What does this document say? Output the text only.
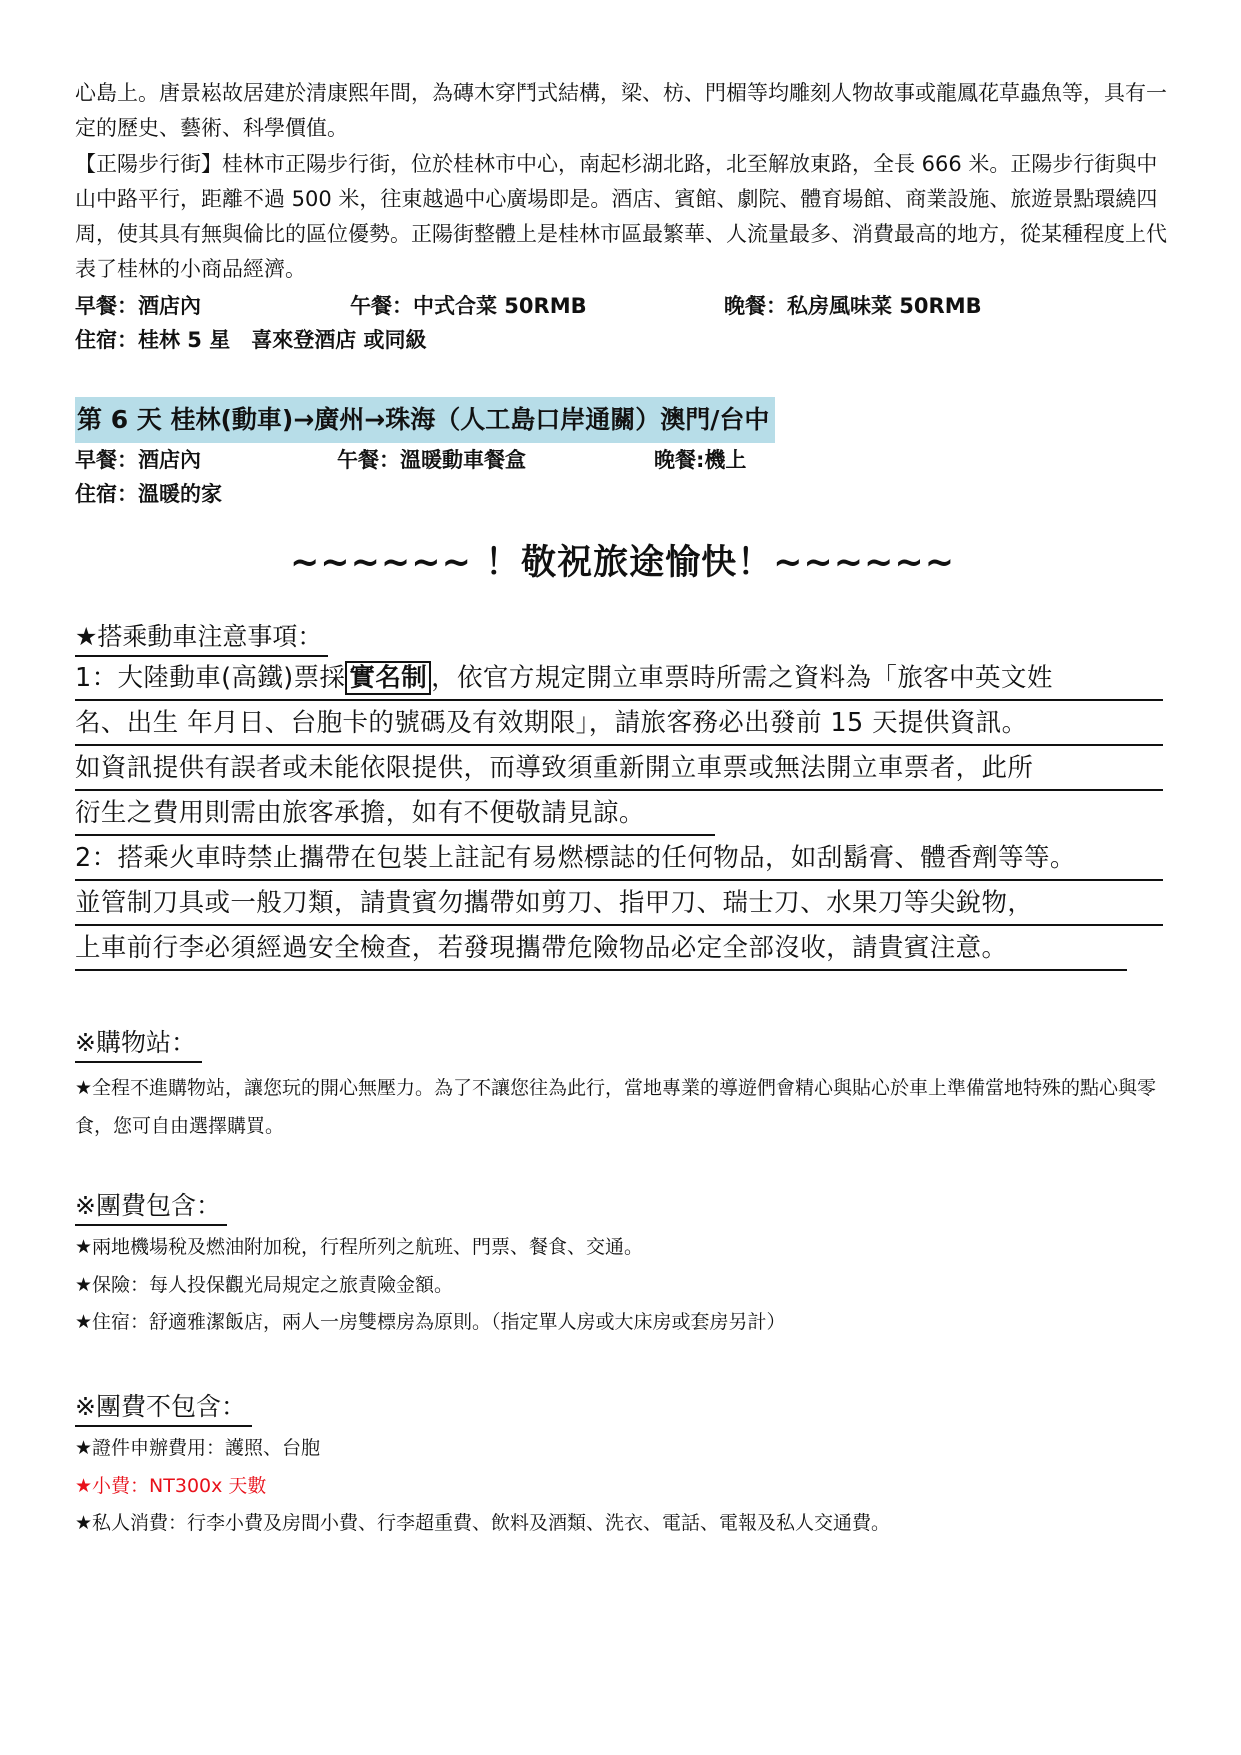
心島上。唐景崧故居建於清康熙年間，為磚木穿鬥式結構，梁、枋、門楣等均雕刻人物故事或龍鳳花草蟲魚等，具有一定的歷史、藝術、科學價值。

【正陽步行街】桂林市正陽步行街，位於桂林市中心，南起杉湖北路，北至解放東路，全長 666 米。正陽步行街與中山中路平行，距離不過 500 米，往東越過中心廣場即是。酒店、賓館、劇院、體育場館、商業設施、旅遊景點環繞四周，使其具有無與倫比的區位優勢。正陽街整體上是桂林市區最繁華、人流量最多、消費最高的地方，從某種程度上代表了桂林的小商品經濟。

早餐：酒店內	午餐：中式合菜 50RMB	晚餐：私房風味菜 50RMB
住宿：桂林 5 星　喜來登酒店 或同級
第 6 天 桂林(動車)→廣州→珠海（人工島口岸通關）澳門/台中
早餐：酒店內	午餐：溫暖動車餐盒	晚餐:機上
住宿：溫暖的家
~~~~~~ ！敬祝旅途愉快！~~~~~~
★搭乘動車注意事項：
1：大陸動車(高鐵)票採 實名制 ，依官方規定開立車票時所需之資料為「旅客中英文姓
名、出生 年月日、台胞卡的號碼及有效期限」，請旅客務必出發前 15 天提供資訊。
如資訊提供有誤者或未能依限提供，而導致須重新開立車票或無法開立車票者，此所
衍生之費用則需由旅客承擔，如有不便敬請見諒。
2：搭乘火車時禁止攜帶在包裝上註記有易燃標誌的任何物品，如刮鬍膏、體香劑等等。
並管制刀具或一般刀類，請貴賓勿攜帶如剪刀、指甲刀、瑞士刀、水果刀等尖銳物，
上車前行李必須經過安全檢查，若發現攜帶危險物品必定全部沒收，請貴賓注意。
※購物站：
★全程不進購物站，讓您玩的開心無壓力。為了不讓您往為此行，當地專業的導遊們會精心與貼心於車上準備當地特殊的點心與零食，您可自由選擇購買。
※團費包含：
★兩地機場稅及燃油附加稅，行程所列之航班、門票、餐食、交通。
★保險：每人投保觀光局規定之旅責險金額。
★住宿：舒適雅潔飯店，兩人一房雙標房為原則。（指定單人房或大床房或套房另計）
※團費不包含：
★證件申辦費用：護照、台胞
★小費：NT300x 天數
★私人消費：行李小費及房間小費、行李超重費、飲料及酒類、洗衣、電話、電報及私人交通費。
